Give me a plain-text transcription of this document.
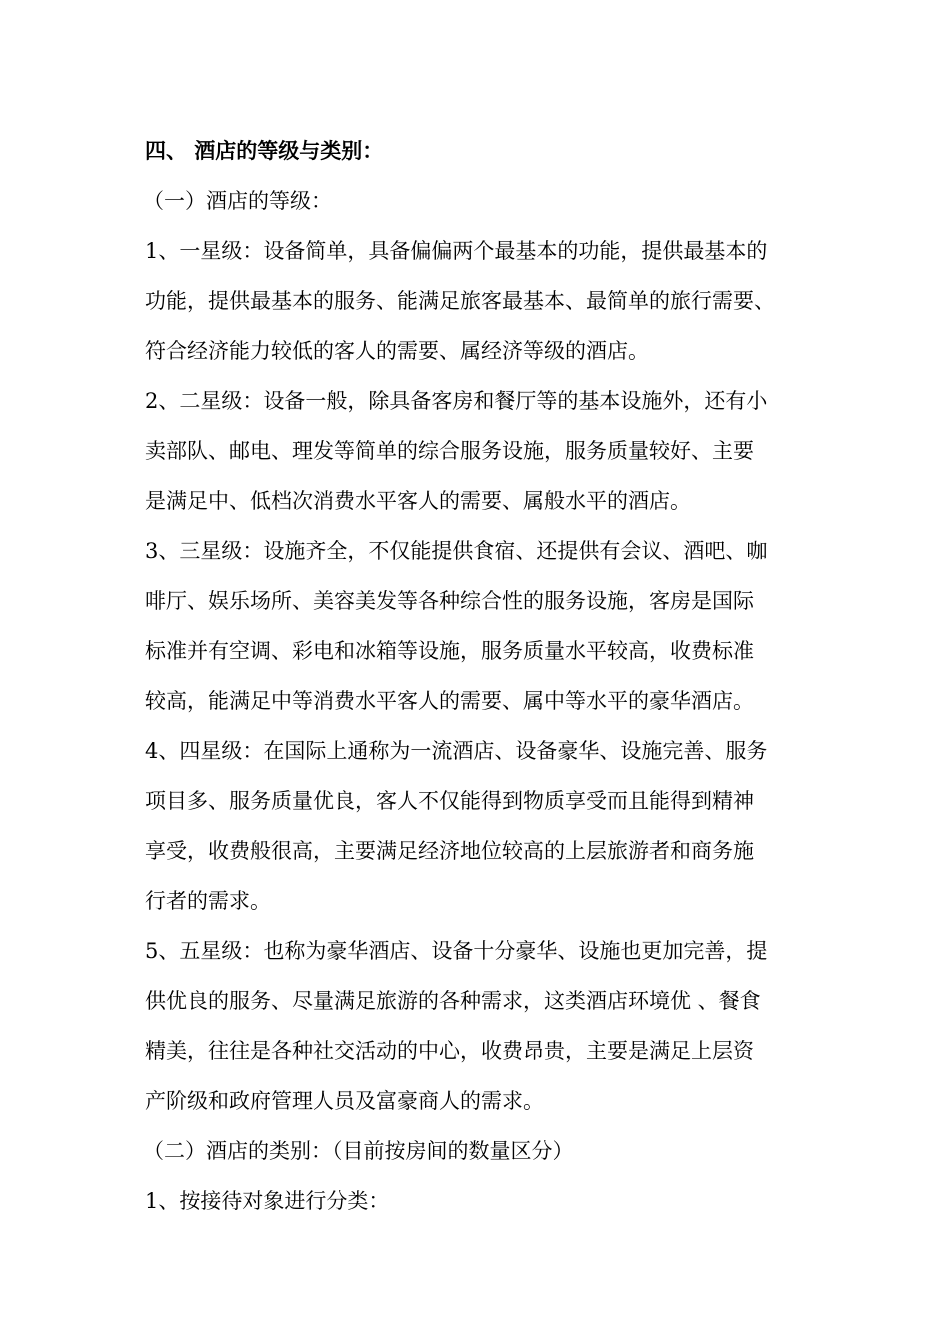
四、 酒店的等级与类别：
（一）酒店的等级：
1、一星级：设备简单，具备偏偏两个最基本的功能，提供最基本的
功能，提供最基本的服务、能满足旅客最基本、最简单的旅行需要、
符合经济能力较低的客人的需要、属经济等级的酒店。
2、二星级：设备一般，除具备客房和餐厅等的基本设施外，还有小
卖部队、邮电、理发等简单的综合服务设施，服务质量较好、主要
是满足中、低档次消费水平客人的需要、属般水平的酒店。
3、三星级：设施齐全，不仅能提供食宿、还提供有会议、酒吧、咖
啡厅、娱乐场所、美容美发等各种综合性的服务设施，客房是国际
标准并有空调、彩电和冰箱等设施，服务质量水平较高，收费标准
较高，能满足中等消费水平客人的需要、属中等水平的豪华酒店。
4、四星级：在国际上通称为一流酒店、设备豪华、设施完善、服务
项目多、服务质量优良，客人不仅能得到物质享受而且能得到精神
享受，收费般很高，主要满足经济地位较高的上层旅游者和商务施
行者的需求。
5、五星级：也称为豪华酒店、设备十分豪华、设施也更加完善，提
供优良的服务、尽量满足旅游的各种需求，这类酒店环境优 、餐食
精美，往往是各种社交活动的中心，收费昂贵，主要是满足上层资
产阶级和政府管理人员及富豪商人的需求。
（二）酒店的类别：（目前按房间的数量区分）
1、按接待对象进行分类：
